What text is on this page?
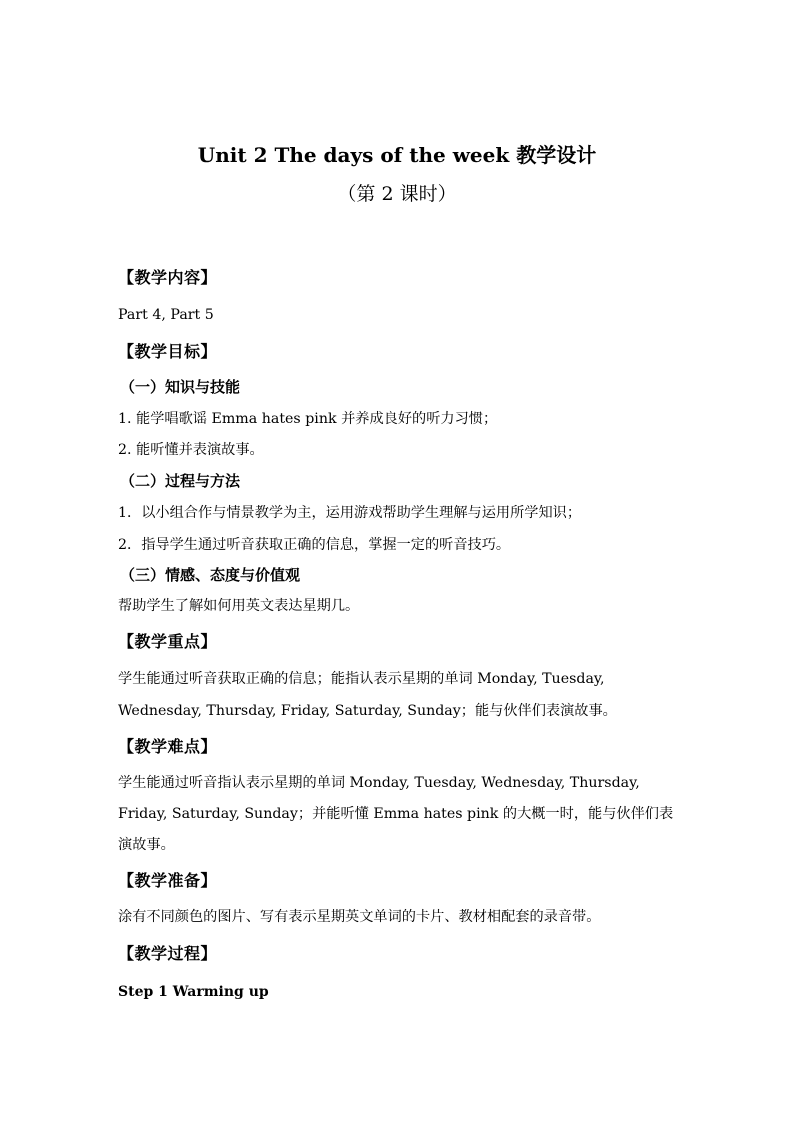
Unit 2 The days of the week 教学设计
（第 2 课时）
【教学内容】
Part 4, Part 5
【教学目标】
（一）知识与技能
1. 能学唱歌谣 Emma hates pink 并养成良好的听力习惯；
2. 能听懂并表演故事。
（二）过程与方法
1．以小组合作与情景教学为主，运用游戏帮助学生理解与运用所学知识；
2．指导学生通过听音获取正确的信息，掌握一定的听音技巧。
（三）情感、态度与价值观
帮助学生了解如何用英文表达星期几。
【教学重点】
学生能通过听音获取正确的信息；能指认表示星期的单词 Monday, Tuesday,
Wednesday, Thursday, Friday, Saturday, Sunday；能与伙伴们表演故事。
【教学难点】
学生能通过听音指认表示星期的单词 Monday, Tuesday, Wednesday, Thursday,
Friday, Saturday, Sunday；并能听懂 Emma hates pink 的大概一时，能与伙伴们表
演故事。
【教学准备】
涂有不同颜色的图片、写有表示星期英文单词的卡片、教材相配套的录音带。
【教学过程】
Step 1 Warming up
